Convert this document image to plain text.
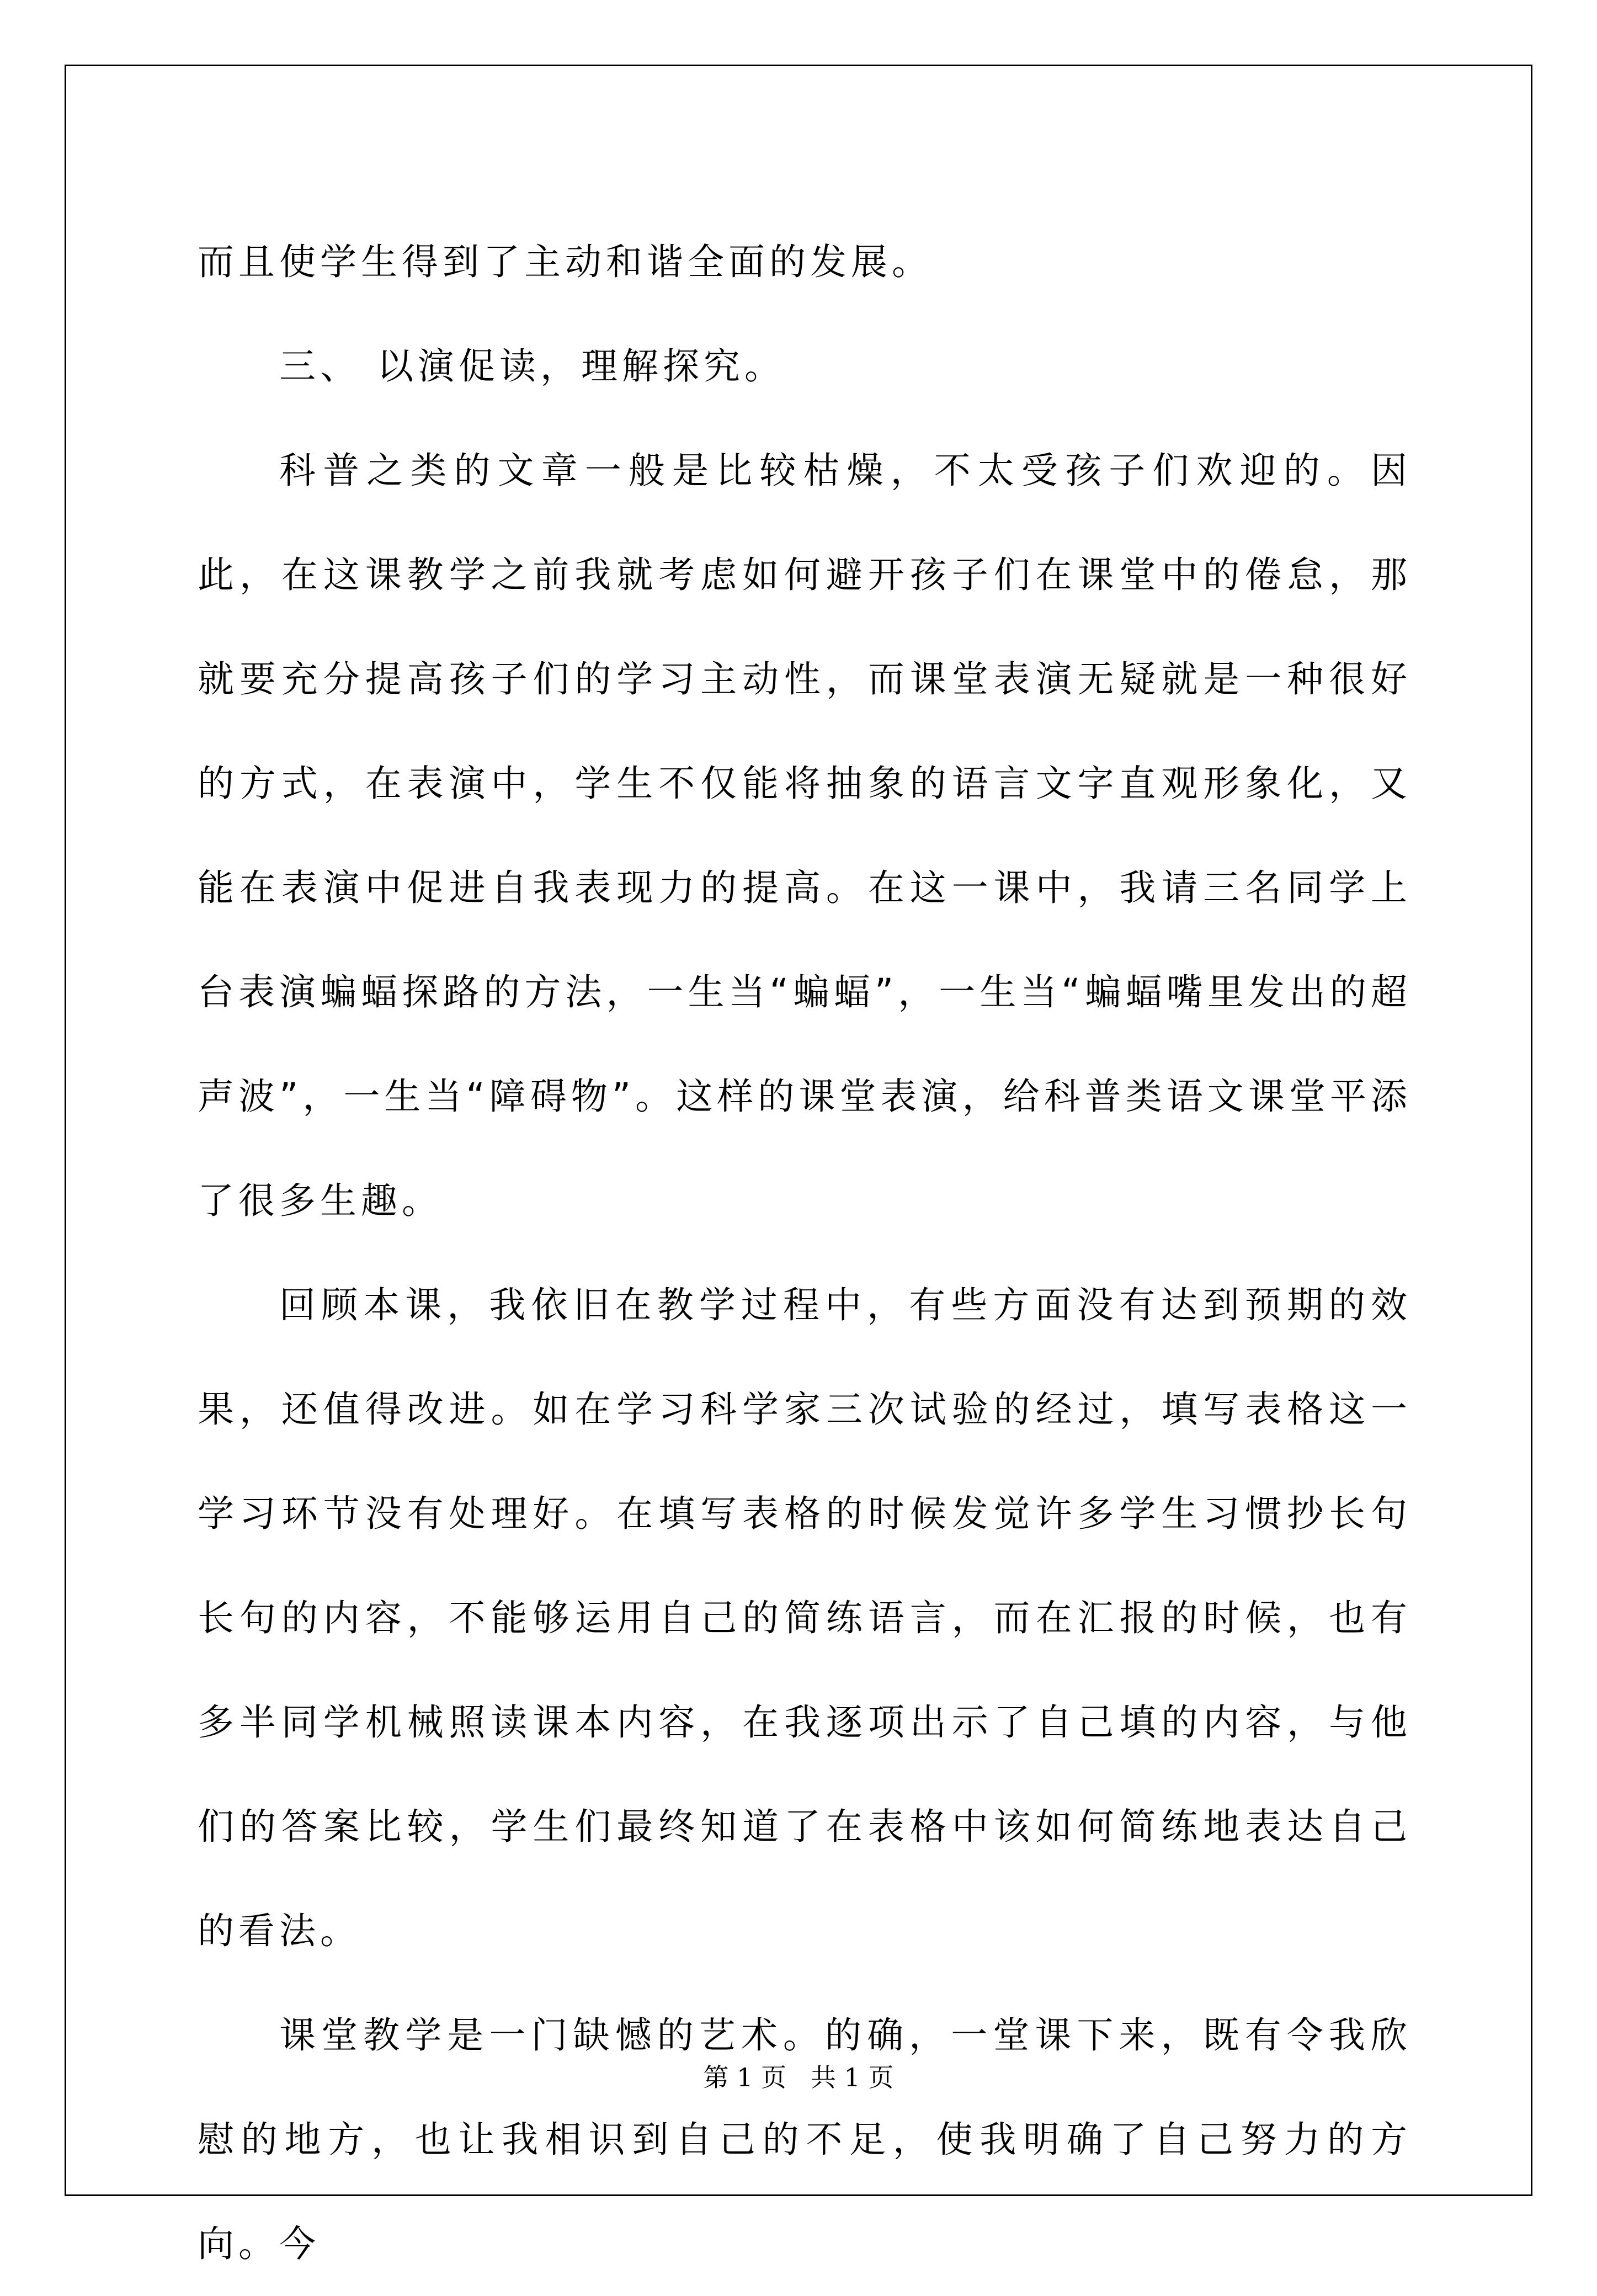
而且使学生得到了主动和谐全面的发展。

三、 以演促读，理解探究。

科普之类的文章一般是比较枯燥，不太受孩子们欢迎的。因此，在这课教学之前我就考虑如何避开孩子们在课堂中的倦怠，那就要充分提高孩子们的学习主动性，而课堂表演无疑就是一种很好的方式，在表演中，学生不仅能将抽象的语言文字直观形象化，又能在表演中促进自我表现力的提高。在这一课中，我请三名同学上台表演蝙蝠探路的方法，一生当“蝙蝠”，一生当“蝙蝠嘴里发出的超声波”，一生当“障碍物”。这样的课堂表演，给科普类语文课堂平添了很多生趣。

回顾本课，我依旧在教学过程中，有些方面没有达到预期的效果，还值得改进。如在学习科学家三次试验的经过，填写表格这一学习环节没有处理好。在填写表格的时候发觉许多学生习惯抄长句长句的内容，不能够运用自己的简练语言，而在汇报的时候，也有多半同学机械照读课本内容，在我逐项出示了自己填的内容，与他们的答案比较，学生们最终知道了在表格中该如何简练地表达自己的看法。

课堂教学是一门缺憾的艺术。的确，一堂课下来，既有令我欣慰的地方，也让我相识到自己的不足，使我明确了自己努力的方向。今

第 1 页   共 1 页
